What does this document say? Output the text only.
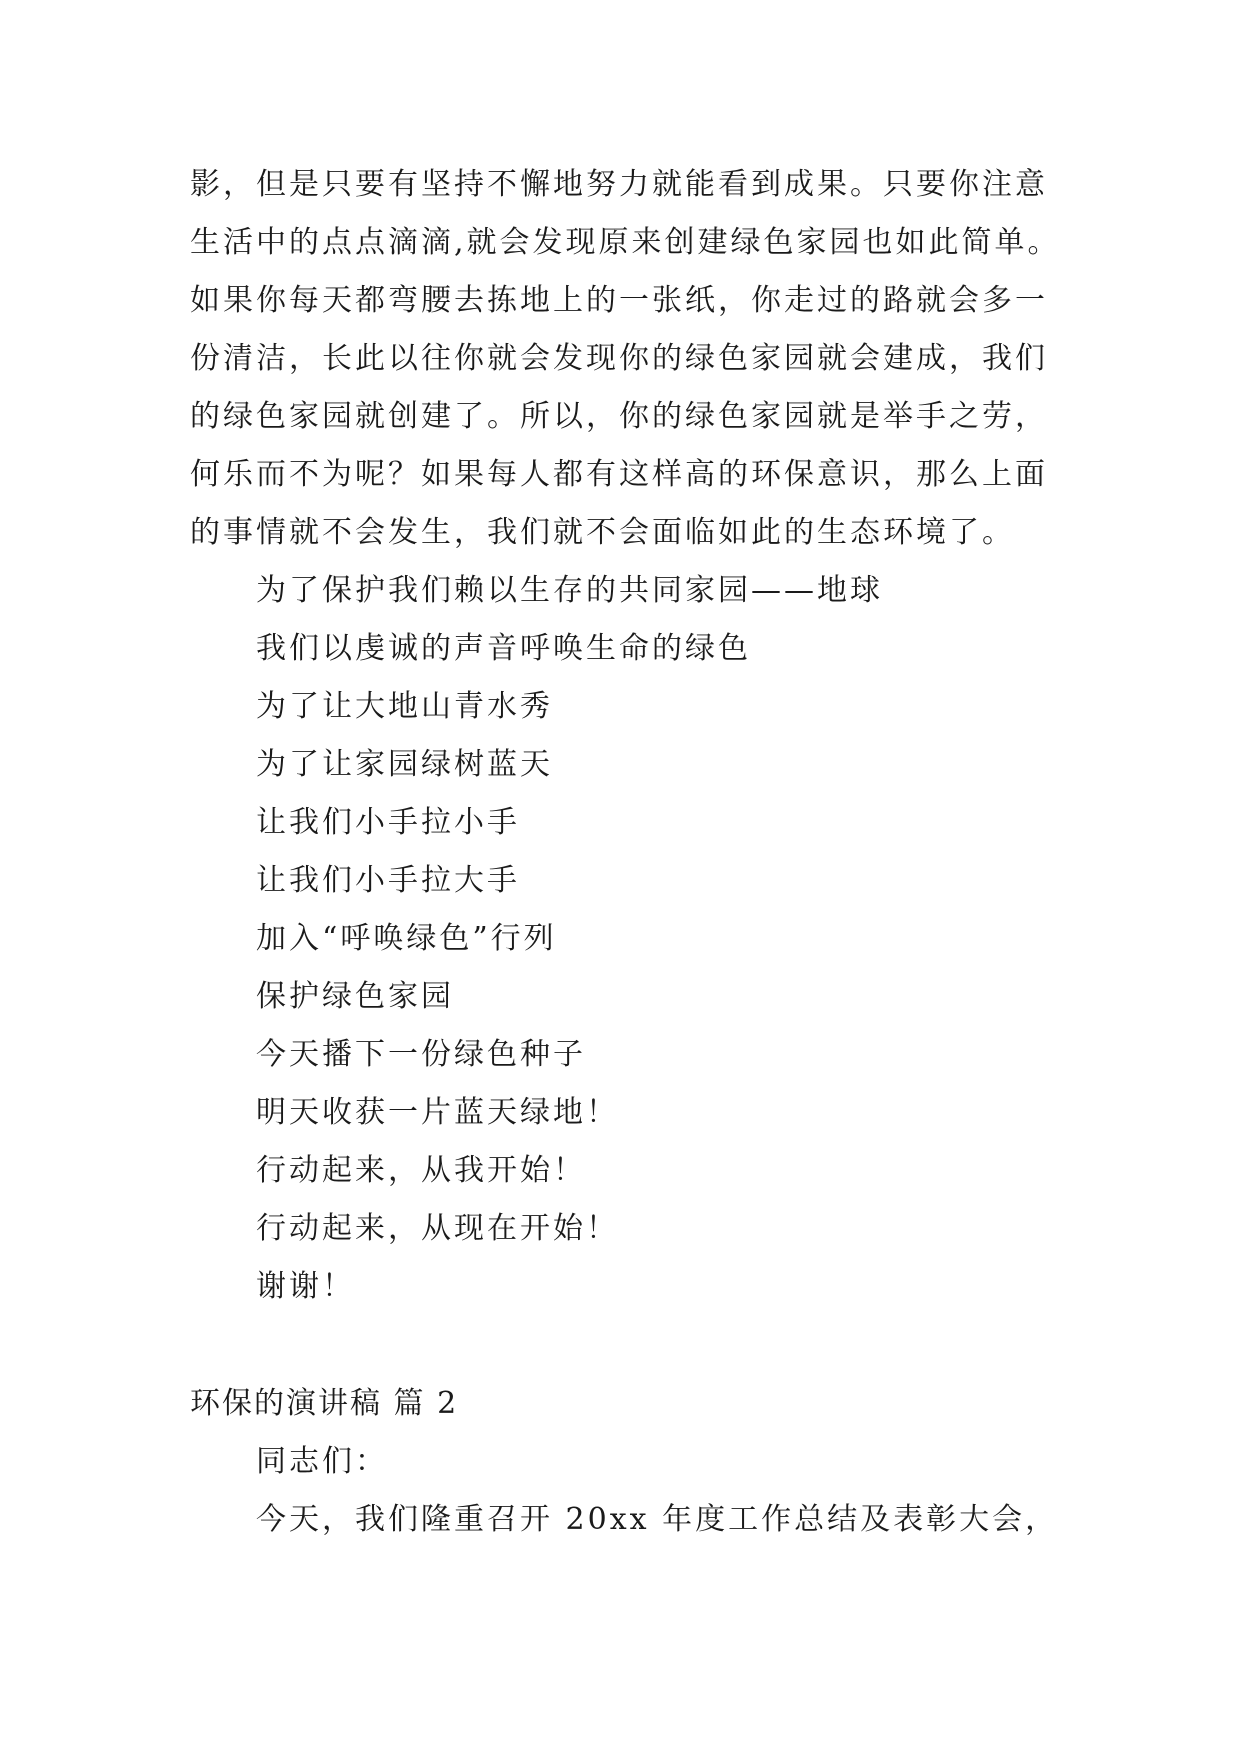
影，但是只要有坚持不懈地努力就能看到成果。只要你注意
生活中的点点滴滴,就会发现原来创建绿色家园也如此简单。
如果你每天都弯腰去拣地上的一张纸，你走过的路就会多一
份清洁，长此以往你就会发现你的绿色家园就会建成，我们
的绿色家园就创建了。所以，你的绿色家园就是举手之劳，
何乐而不为呢？如果每人都有这样高的环保意识，那么上面
的事情就不会发生，我们就不会面临如此的生态环境了。
为了保护我们赖以生存的共同家园——地球
我们以虔诚的声音呼唤生命的绿色
为了让大地山青水秀
为了让家园绿树蓝天
让我们小手拉小手
让我们小手拉大手
加入“呼唤绿色”行列
保护绿色家园
今天播下一份绿色种子
明天收获一片蓝天绿地！
行动起来，从我开始！
行动起来，从现在开始！
谢谢！
环保的演讲稿 篇 2
同志们：
今天，我们隆重召开 20xx 年度工作总结及表彰大会，
